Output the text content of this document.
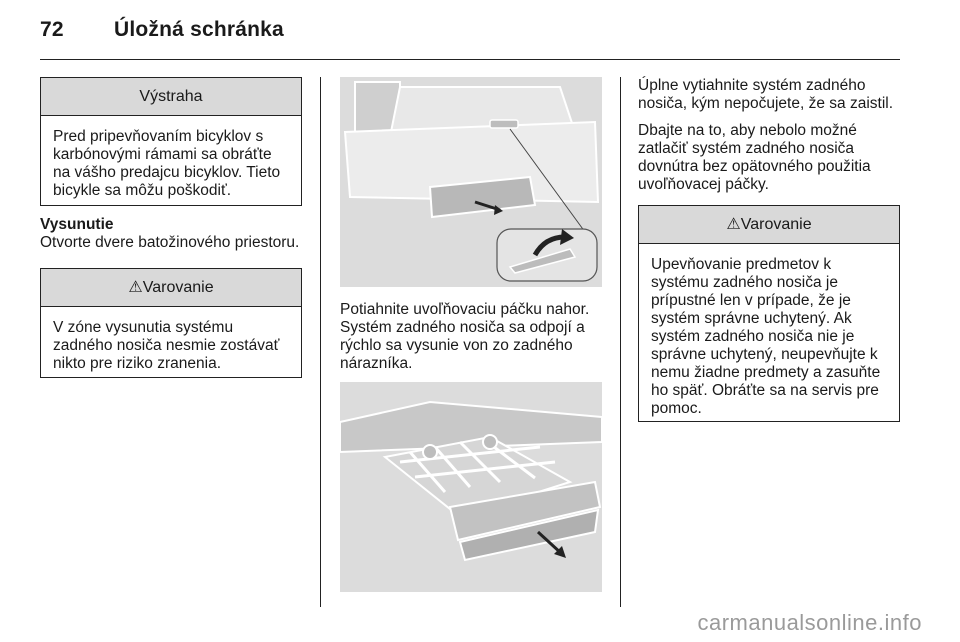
72 Úložná schránka
Výstraha
Pred pripevňovaním bicyklov s karbónovými rámami sa obráťte na vášho predajcu bicyklov. Tieto bicykle sa môžu poškodiť.

Vysunutie

Otvorte dvere batožinového priestoru.

⚠Varovanie
V zóne vysunutia systému zadného nosiča nesmie zostávať nikto pre riziko zranenia.

Potiahnite uvoľňovaciu páčku nahor. Systém zadného nosiča sa odpojí a rýchlo sa vysunie von zo zadného nárazníka.

Úplne vytiahnite systém zadného nosiča, kým nepočujete, že sa zaistil.

Dbajte na to, aby nebolo možné zatlačiť systém zadného nosiča dovnútra bez opätovného použitia uvoľňovacej páčky.

⚠Varovanie
Upevňovanie predmetov k systému zadného nosiča je prípustné len v prípade, že je systém správne uchytený. Ak systém zadného nosiča nie je správne uchytený, neupevňujte k nemu žiadne predmety a zasuňte ho späť. Obráťte sa na servis pre pomoc.
carmanualsonline.info
